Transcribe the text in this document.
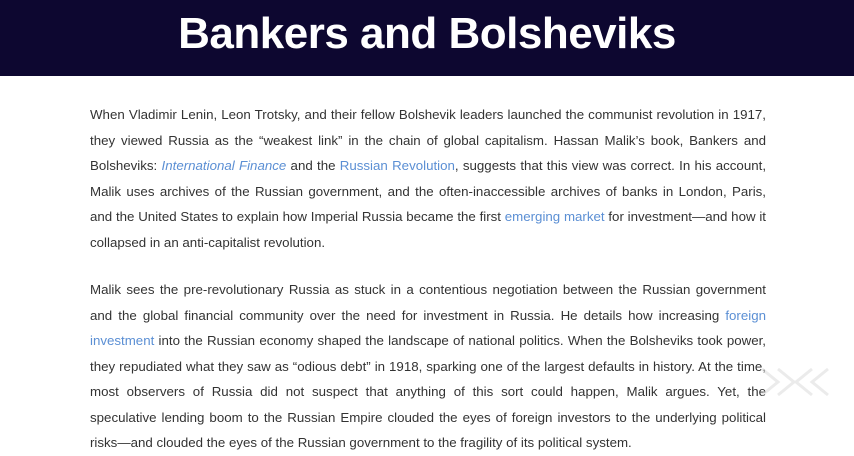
Bankers and Bolsheviks

When Vladimir Lenin, Leon Trotsky, and their fellow Bolshevik leaders launched the communist revolution in 1917, they viewed Russia as the “weakest link” in the chain of global capitalism. Hassan Malik’s book, Bankers and Bolsheviks: International Finance and the Russian Revolution, suggests that this view was correct. In his account, Malik uses archives of the Russian government, and the often-inaccessible archives of banks in London, Paris, and the United States to explain how Imperial Russia became the first emerging market for investment—and how it collapsed in an anti-capitalist revolution.

Malik sees the pre-revolutionary Russia as stuck in a contentious negotiation between the Russian government and the global financial community over the need for investment in Russia. He details how increasing foreign investment into the Russian economy shaped the landscape of national politics. When the Bolsheviks took power, they repudiated what they saw as “odious debt” in 1918, sparking one of the largest defaults in history. At the time, most observers of Russia did not suspect that anything of this sort could happen, Malik argues. Yet, the speculative lending boom to the Russian Empire clouded the eyes of foreign investors to the underlying political risks—and clouded the eyes of the Russian government to the fragility of its political system.
